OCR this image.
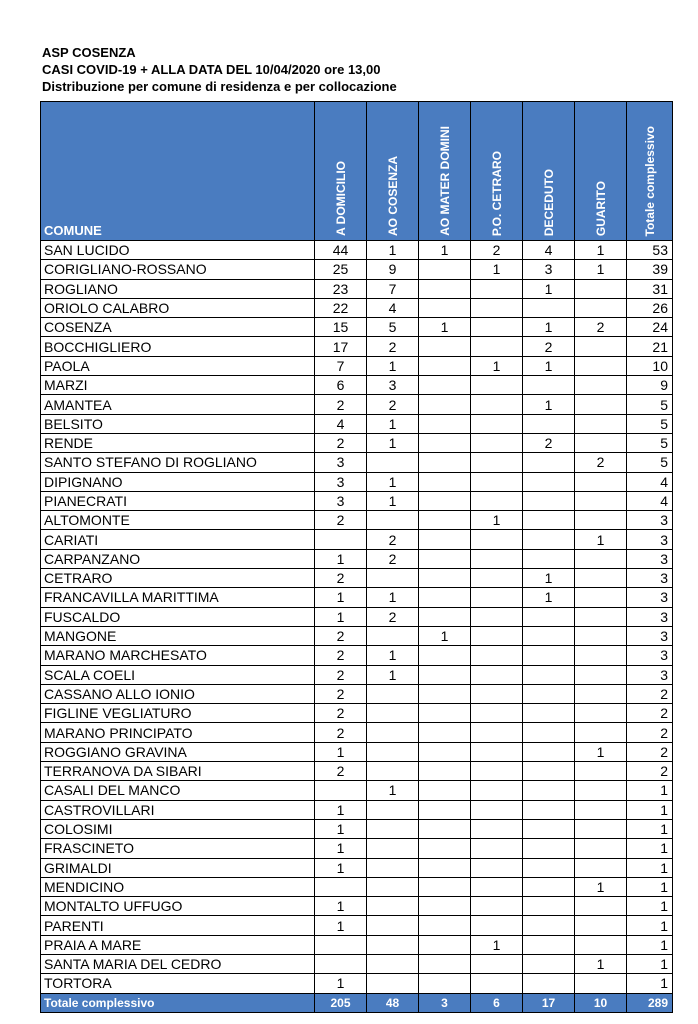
ASP COSENZA
CASI COVID-19 + ALLA DATA DEL 10/04/2020 ore 13,00
Distribuzione per comune di residenza e per collocazione
COMUNE	A DOMICILIO	AO COSENZA	AO MATER DOMINI	P.O. CETRARO	DECEDUTO	GUARITO	Totale complessivo

SAN LUCIDO	44	1	1	2	4	1	53
CORIGLIANO-ROSSANO	25	9		1	3	1	39
ROGLIANO	23	7			1		31
ORIOLO CALABRO	22	4					26
COSENZA	15	5	1		1	2	24
BOCCHIGLIERO	17	2			2		21
PAOLA	7	1		1	1		10
MARZI	6	3					9
AMANTEA	2	2			1		5
BELSITO	4	1					5
RENDE	2	1			2		5
SANTO STEFANO DI ROGLIANO	3					2	5
DIPIGNANO	3	1					4
PIANECRATI	3	1					4
ALTOMONTE	2			1			3
CARIATI		2				1	3
CARPANZANO	1	2					3
CETRARO	2				1		3
FRANCAVILLA MARITTIMA	1	1			1		3
FUSCALDO	1	2					3
MANGONE	2		1				3
MARANO MARCHESATO	2	1					3
SCALA COELI	2	1					3
CASSANO ALLO IONIO	2						2
FIGLINE VEGLIATURO	2						2
MARANO PRINCIPATO	2						2
ROGGIANO GRAVINA	1					1	2
TERRANOVA DA SIBARI	2						2
CASALI DEL MANCO		1					1
CASTROVILLARI	1						1
COLOSIMI	1						1
FRASCINETO	1						1
GRIMALDI	1						1
MENDICINO						1	1
MONTALTO UFFUGO	1						1
PARENTI	1						1
PRAIA A MARE				1			1
SANTA MARIA DEL CEDRO						1	1
TORTORA	1						1
Totale complessivo	205	48	3	6	17	10	289
